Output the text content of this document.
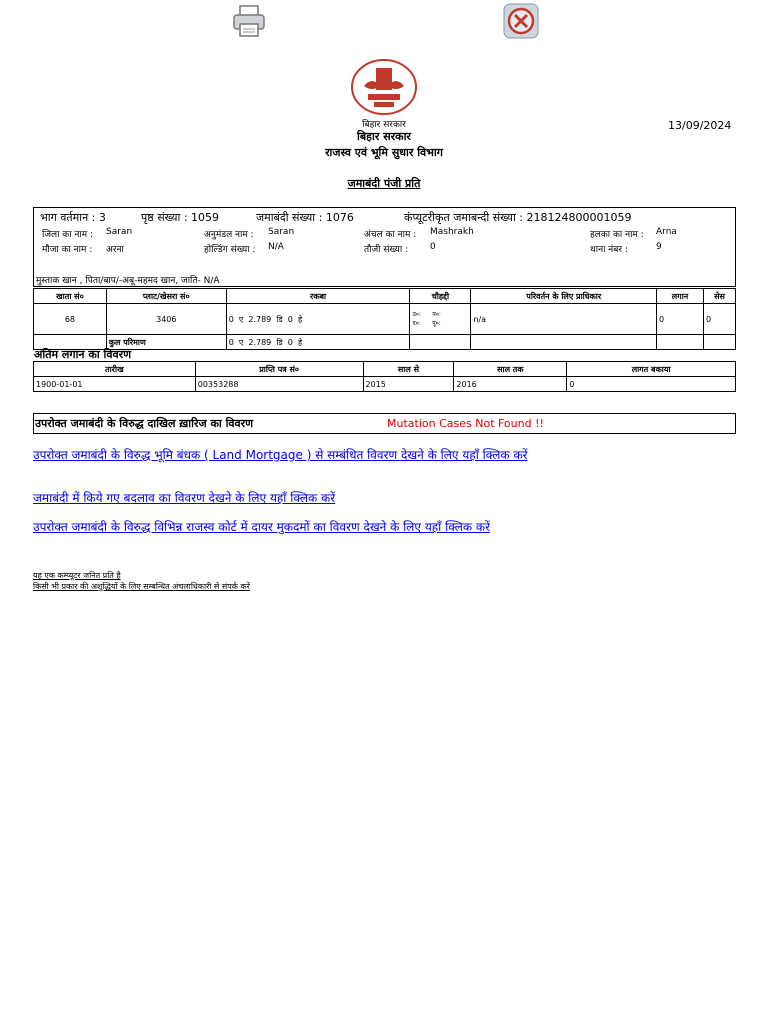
बिहार सरकार
बिहार सरकार
राजस्व एवं भूमि सुधार विभाग
13/09/2024
जमाबंदी पंजी प्रति
भाग वर्तमान : 3	पृष्ठ संख्या : 1059	जमाबंदी संख्या : 1076	कंप्यूटरीकृत जमाबन्दी संख्या : 218124800001059
जिला का नाम : Saran	अनुमंडल नाम : Saran	अंचल का नाम : Mashrakh	हलका का नाम : Arna
मौजा का नाम : अरना	होल्डिंग संख्या : N/A	तौजी संख्या : 0	थाना नंबर :	9
मुस्ताक खान , पिता/बाप/-अबू-महमद खान, जाति- N/A
खाता सं०	प्लाट/खेसरा सं०	रकबा	चौहद्दी	परिवर्तन के लिए प्राधिकार	लगान	सेस
68	3406	0  ए  2.789  डि  0  हे	उ०: प०:
द०: पू०:	n/a	0	0
	कुल परिमाण	0  ए  2.789  डि  0  हे				
अंतिम लगान का विवरण
तारीख	प्राप्ति पत्र सं०	साल से	साल तक	लागत बकाया
1900-01-01	00353288	2015	2016	0
उपरोक्त जमाबंदी के विरुद्ध दाखिल ख़ारिज का विवरण	Mutation Cases Not Found !!
उपरोक्त जमाबंदी के विरुद्ध भूमि बंधक ( Land Mortgage ) से सम्बंधित विवरण देखने के लिए यहाँ क्लिक करें
जमाबंदी में किये गए बदलाव का विवरण देखने के लिए यहाँ क्लिक करें
उपरोक्त जमाबंदी के विरुद्ध विभिन्न राजस्व कोर्ट में दायर मुकदमों का विवरण देखने के लिए यहाँ क्लिक करें
यह एक कम्प्यूटर जनित प्रति है
किसी भी प्रकार की अशुद्धियों के लिए सम्बन्धित अंचलाधिकारी से संपर्क करें
